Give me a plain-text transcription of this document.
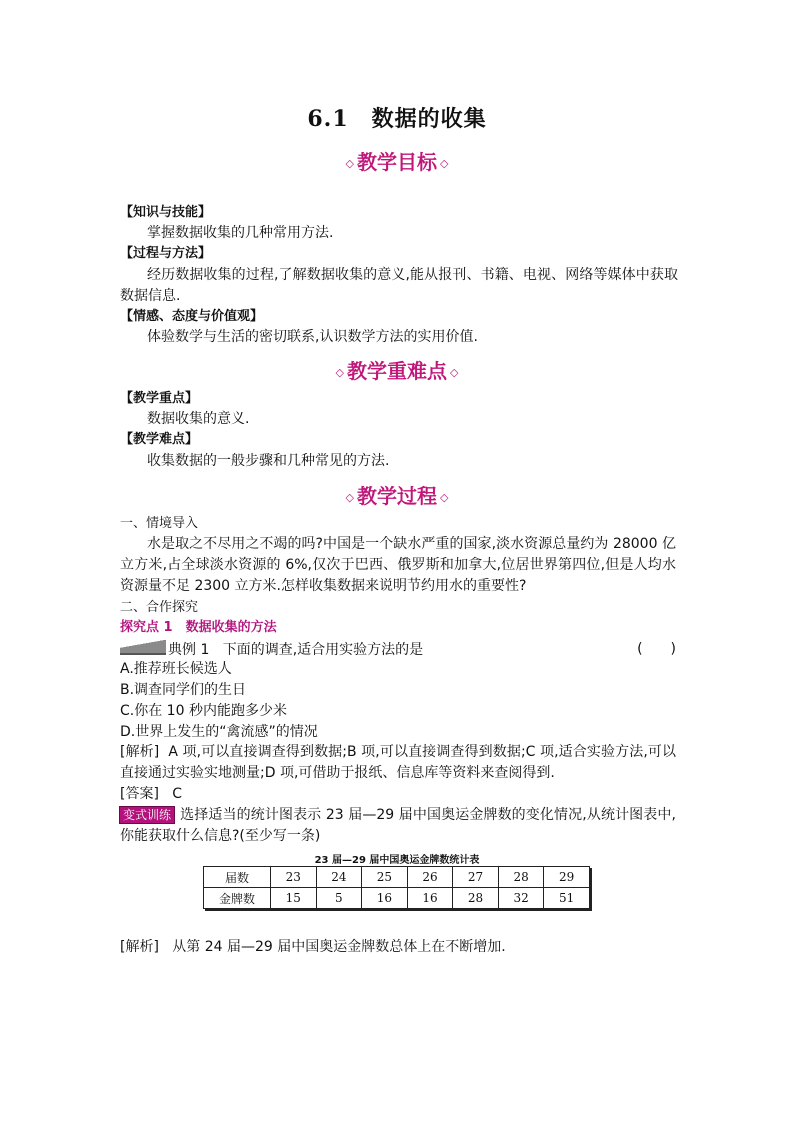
6.1　数据的收集
◇ 教学目标 ◇
【知识与技能】
掌握数据收集的几种常用方法.
【过程与方法】
经历数据收集的过程,了解数据收集的意义,能从报刊、书籍、电视、网络等媒体中获取数据信息.
【情感、态度与价值观】
体验数学与生活的密切联系,认识数学方法的实用价值.
◇ 教学重难点 ◇
【教学重点】
数据收集的意义.
【教学难点】
收集数据的一般步骤和几种常见的方法.
◇ 教学过程 ◇
一、情境导入
水是取之不尽用之不竭的吗?中国是一个缺水严重的国家,淡水资源总量约为 28000 亿立方米,占全球淡水资源的 6%,仅次于巴西、俄罗斯和加拿大,位居世界第四位,但是人均水资源量不足 2300 立方米.怎样收集数据来说明节约用水的重要性?
二、合作探究
探究点 1　数据收集的方法
典例 1 下面的调查,适合用实验方法的是	(　　)
A.推荐班长候选人
B.调查同学们的生日
C.你在 10 秒内能跑多少米
D.世界上发生的“禽流感”的情况
[解析] A 项,可以直接调查得到数据;B 项,可以直接调查得到数据;C 项,适合实验方法,可以直接通过实验实地测量;D 项,可借助于报纸、信息库等资料来查阅得到.
[答案] C
变式训练 选择适当的统计图表示 23 届—29 届中国奥运金牌数的变化情况,从统计图表中,你能获取什么信息?(至少写一条)
23 届—29 届中国奥运金牌数统计表
届数	23	24	25	26	27	28	29
金牌数	15	5	16	16	28	32	51
[解析] 从第 24 届—29 届中国奥运金牌数总体上在不断增加.
